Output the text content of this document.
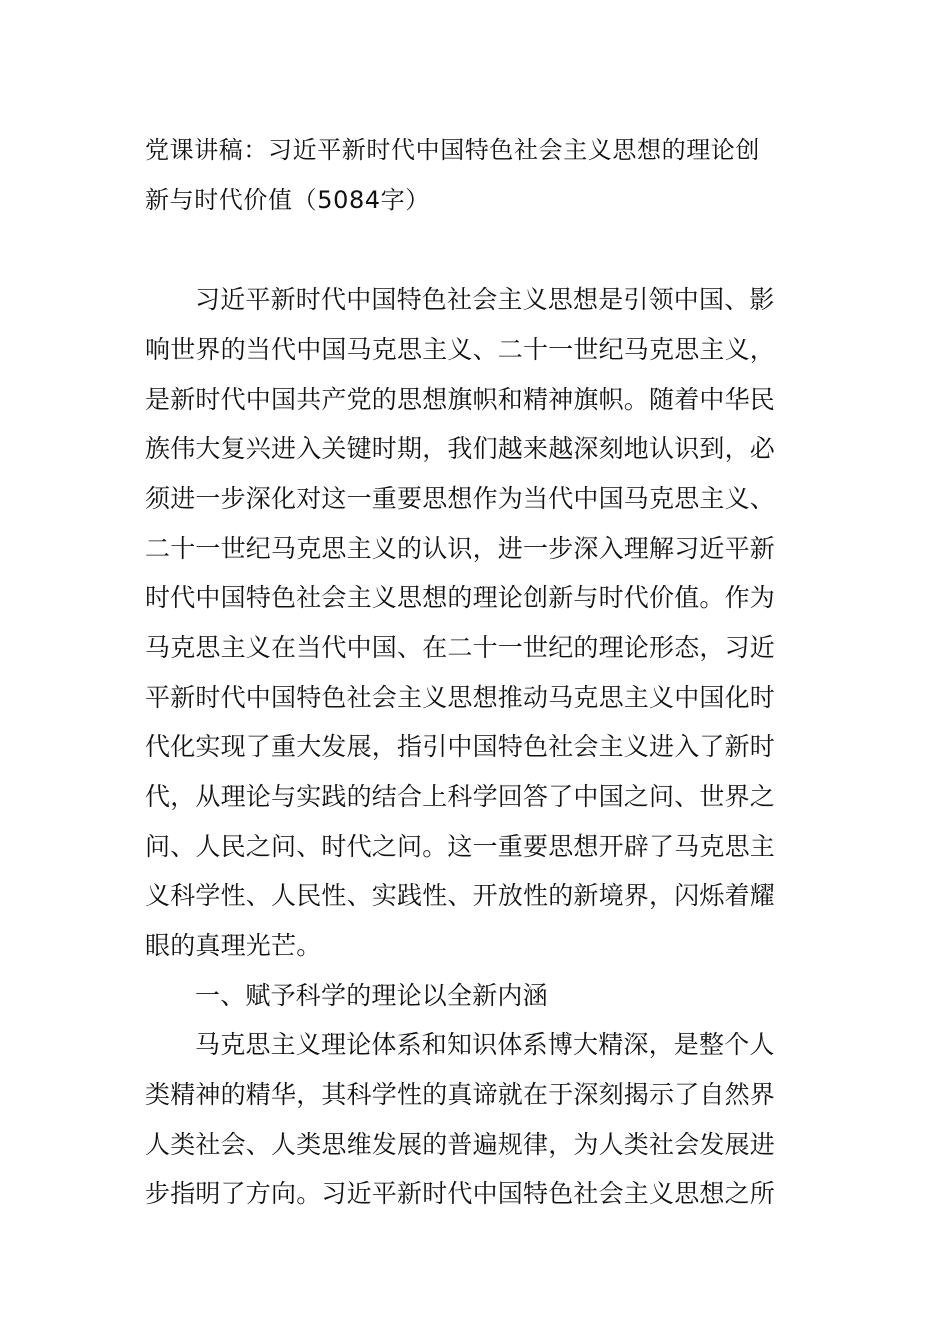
党课讲稿：习近平新时代中国特色社会主义思想的理论创
新与时代价值（5084字）
习近平新时代中国特色社会主义思想是引领中国、影
响世界的当代中国马克思主义、二十一世纪马克思主义，
是新时代中国共产党的思想旗帜和精神旗帜。随着中华民
族伟大复兴进入关键时期，我们越来越深刻地认识到，必
须进一步深化对这一重要思想作为当代中国马克思主义、
二十一世纪马克思主义的认识，进一步深入理解习近平新
时代中国特色社会主义思想的理论创新与时代价值。作为
马克思主义在当代中国、在二十一世纪的理论形态，习近
平新时代中国特色社会主义思想推动马克思主义中国化时
代化实现了重大发展，指引中国特色社会主义进入了新时
代，从理论与实践的结合上科学回答了中国之问、世界之
问、人民之问、时代之问。这一重要思想开辟了马克思主
义科学性、人民性、实践性、开放性的新境界，闪烁着耀
眼的真理光芒。
一、赋予科学的理论以全新内涵
马克思主义理论体系和知识体系博大精深，是整个人
类精神的精华，其科学性的真谛就在于深刻揭示了自然界
人类社会、人类思维发展的普遍规律，为人类社会发展进
步指明了方向。习近平新时代中国特色社会主义思想之所
